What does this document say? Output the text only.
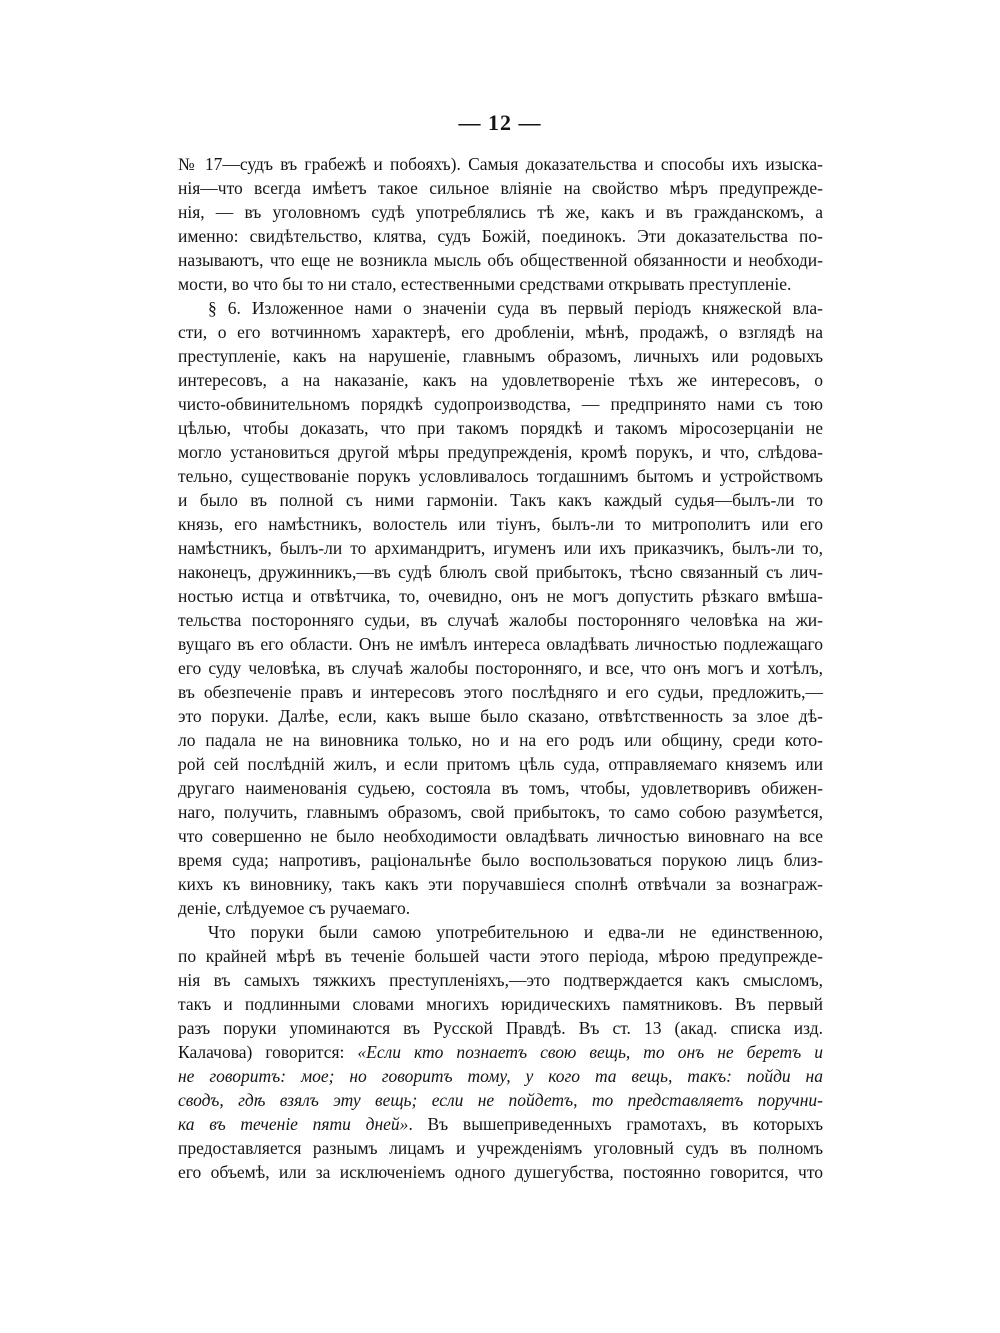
— 12 —
№ 17—судъ въ грабежѣ и побояхъ). Самыя доказательства и способы ихъ изыска-
нія—что всегда имѣетъ такое сильное вліяніе на свойство мѣръ предупрежде-
нія, — въ уголовномъ судѣ употреблялись тѣ же, какъ и въ гражданскомъ, а
именно: свидѣтельство, клятва, судъ Божій, поединокъ. Эти доказательства по-
называютъ, что еще не возникла мысль объ общественной обязанности и необходи-
мости, во что бы то ни стало, естественными средствами открывать преступленіе.
§ 6. Изложенное нами о значеніи суда въ первый періодъ княжеской вла-
сти, о его вотчинномъ характерѣ, его дробленіи, мѣнѣ, продажѣ, о взглядѣ на
преступленіе, какъ на нарушеніе, главнымъ образомъ, личныхъ или родовыхъ
интересовъ, а на наказаніе, какъ на удовлетвореніе тѣхъ же интересовъ, о
чисто-обвинительномъ порядкѣ судопроизводства, — предпринято нами съ тою
цѣлью, чтобы доказать, что при такомъ порядкѣ и такомъ міросозерцаніи не
могло установиться другой мѣры предупрежденія, кромѣ порукъ, и что, слѣдова-
тельно, существованіе порукъ условливалось тогдашнимъ бытомъ и устройствомъ
и было въ полной съ ними гармоніи. Такъ какъ каждый судья—былъ-ли то
князь, его намѣстникъ, волостель или тіунъ, былъ-ли то митрополитъ или его
намѣстникъ, былъ-ли то архимандритъ, игуменъ или ихъ приказчикъ, былъ-ли то,
наконецъ, дружинникъ,—въ судѣ блюлъ свой прибытокъ, тѣсно связанный съ лич-
ностью истца и отвѣтчика, то, очевидно, онъ не могъ допустить рѣзкаго вмѣша-
тельства посторонняго судьи, въ случаѣ жалобы посторонняго человѣка на жи-
вущаго въ его области. Онъ не имѣлъ интереса овладѣвать личностью подлежащаго
его суду человѣка, въ случаѣ жалобы посторонняго, и все, что онъ могъ и хотѣлъ,
въ обезпеченіе правъ и интересовъ этого послѣдняго и его судьи, предложить,—
это поруки. Далѣе, если, какъ выше было сказано, отвѣтственность за злое дѣ-
ло падала не на виновника только, но и на его родъ или общину, среди кото-
рой сей послѣдній жилъ, и если притомъ цѣль суда, отправляемаго княземъ или
другаго наименованія судьею, состояла въ томъ, чтобы, удовлетворивъ обижен-
наго, получить, главнымъ образомъ, свой прибытокъ, то само собою разумѣется,
что совершенно не было необходимости овладѣвать личностью виновнаго на все
время суда; напротивъ, раціональнѣе было воспользоваться порукою лицъ близ-
кихъ къ виновнику, такъ какъ эти поручавшіеся сполнѣ отвѣчали за вознаграж-
деніе, слѣдуемое съ ручаемаго.
Что поруки были самою употребительною и едва-ли не единственною,
по крайней мѣрѣ въ теченіе большей части этого періода, мѣрою предупрежде-
нія въ самыхъ тяжкихъ преступленіяхъ,—это подтверждается какъ смысломъ,
такъ и подлинными словами многихъ юридическихъ памятниковъ. Въ первый
разъ поруки упоминаются въ Русской Правдѣ. Въ ст. 13 (акад. списка изд.
Калачова) говорится: «Если кто познаетъ свою вещь, то онъ не беретъ и
не говоритъ: мое; но говоритъ тому, у кого та вещь, такъ: пойди на
сводъ, гдѣ взялъ эту вещь; если не пойдетъ, то представляетъ поручни-
ка въ теченіе пяти дней». Въ вышеприведенныхъ грамотахъ, въ которыхъ
предоставляется разнымъ лицамъ и учрежденіямъ уголовный судъ въ полномъ
его объемѣ, или за исключеніемъ одного душегубства, постоянно говорится, что
